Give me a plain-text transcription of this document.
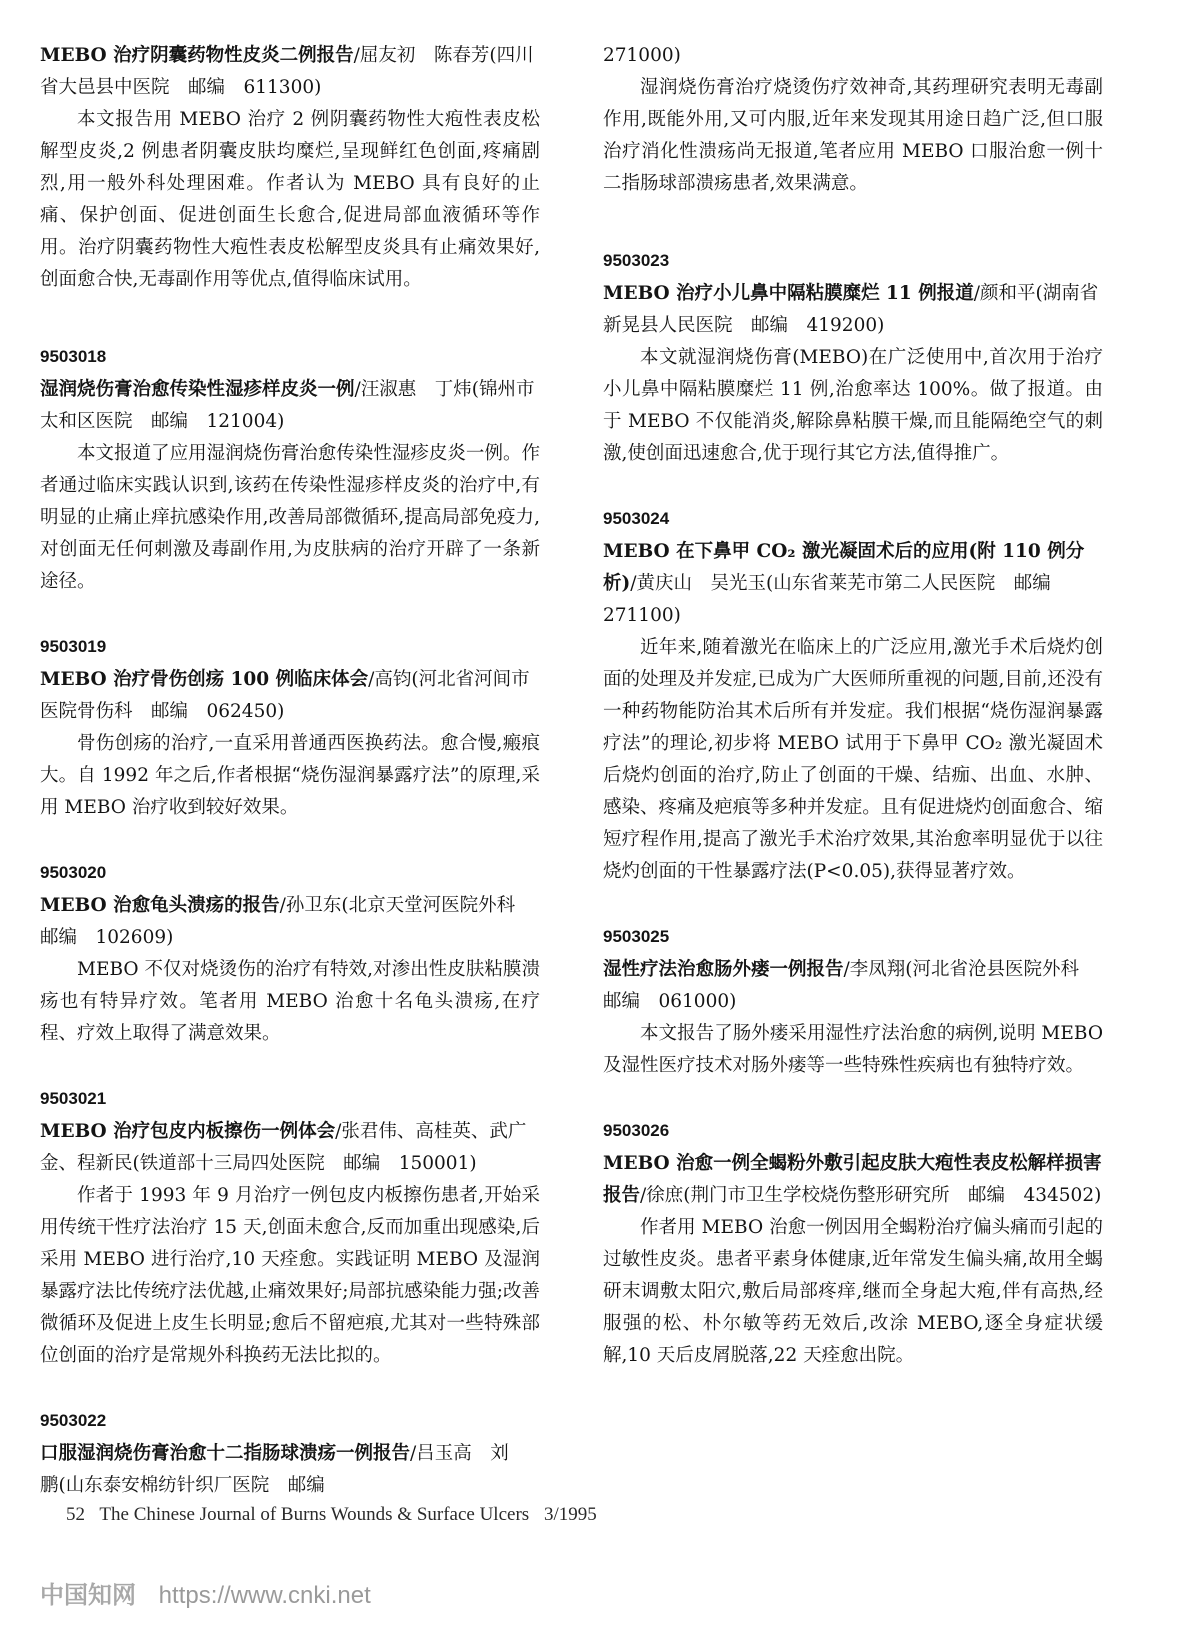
MEBO 治疗阴囊药物性皮炎二例报告/屈友初　陈春芳(四川省大邑县中医院　邮编　611300)
本文报告用 MEBO 治疗 2 例阴囊药物性大疱性表皮松解型皮炎,2 例患者阴囊皮肤均糜烂,呈现鲜红色创面,疼痛剧烈,用一般外科处理困难。作者认为 MEBO 具有良好的止痛、保护创面、促进创面生长愈合,促进局部血液循环等作用。治疗阴囊药物性大疱性表皮松解型皮炎具有止痛效果好,创面愈合快,无毒副作用等优点,值得临床试用。
9503018
湿润烧伤膏治愈传染性湿疹样皮炎一例/汪淑惠　丁炜(锦州市太和区医院　邮编　121004)
本文报道了应用湿润烧伤膏治愈传染性湿疹皮炎一例。作者通过临床实践认识到,该药在传染性湿疹样皮炎的治疗中,有明显的止痛止痒抗感染作用,改善局部微循环,提高局部免疫力,对创面无任何刺激及毒副作用,为皮肤病的治疗开辟了一条新途径。
9503019
MEBO 治疗骨伤创疡 100 例临床体会/高钧(河北省河间市医院骨伤科　邮编　062450)
骨伤创疡的治疗,一直采用普通西医换药法。愈合慢,瘢痕大。自 1992 年之后,作者根据“烧伤湿润暴露疗法”的原理,采用 MEBO 治疗收到较好效果。
9503020
MEBO 治愈龟头溃疡的报告/孙卫东(北京天堂河医院外科　邮编　102609)
MEBO 不仅对烧烫伤的治疗有特效,对渗出性皮肤粘膜溃疡也有特异疗效。笔者用 MEBO 治愈十名龟头溃疡,在疗程、疗效上取得了满意效果。
9503021
MEBO 治疗包皮内板擦伤一例体会/张君伟、高桂英、武广金、程新民(铁道部十三局四处医院　邮编　150001)
作者于 1993 年 9 月治疗一例包皮内板擦伤患者,开始采用传统干性疗法治疗 15 天,创面未愈合,反而加重出现感染,后采用 MEBO 进行治疗,10 天痊愈。实践证明 MEBO 及湿润暴露疗法比传统疗法优越,止痛效果好;局部抗感染能力强;改善微循环及促进上皮生长明显;愈后不留疤痕,尤其对一些特殊部位创面的治疗是常规外科换药无法比拟的。
9503022
口服湿润烧伤膏治愈十二指肠球溃疡一例报告/吕玉高　刘　鹏(山东泰安棉纺针织厂医院　邮编
271000)
湿润烧伤膏治疗烧烫伤疗效神奇,其药理研究表明无毒副作用,既能外用,又可内服,近年来发现其用途日趋广泛,但口服治疗消化性溃疡尚无报道,笔者应用 MEBO 口服治愈一例十二指肠球部溃疡患者,效果满意。
9503023
MEBO 治疗小儿鼻中隔粘膜糜烂 11 例报道/颜和平(湖南省新晃县人民医院　邮编　419200)
本文就湿润烧伤膏(MEBO)在广泛使用中,首次用于治疗小儿鼻中隔粘膜糜烂 11 例,治愈率达 100%。做了报道。由于 MEBO 不仅能消炎,解除鼻粘膜干燥,而且能隔绝空气的刺激,使创面迅速愈合,优于现行其它方法,值得推广。
9503024
MEBO 在下鼻甲 CO₂ 激光凝固术后的应用(附 110 例分析)/黄庆山　吴光玉(山东省莱芜市第二人民医院　邮编　271100)
近年来,随着激光在临床上的广泛应用,激光手术后烧灼创面的处理及并发症,已成为广大医师所重视的问题,目前,还没有一种药物能防治其术后所有并发症。我们根据“烧伤湿润暴露疗法”的理论,初步将 MEBO 试用于下鼻甲 CO₂ 激光凝固术后烧灼创面的治疗,防止了创面的干燥、结痂、出血、水肿、感染、疼痛及疤痕等多种并发症。且有促进烧灼创面愈合、缩短疗程作用,提高了激光手术治疗效果,其治愈率明显优于以往烧灼创面的干性暴露疗法(P<0.05),获得显著疗效。
9503025
湿性疗法治愈肠外瘘一例报告/李凤翔(河北省沧县医院外科　邮编　061000)
本文报告了肠外瘘采用湿性疗法治愈的病例,说明 MEBO 及湿性医疗技术对肠外瘘等一些特殊性疾病也有独特疗效。
9503026
MEBO 治愈一例全蝎粉外敷引起皮肤大疱性表皮松解样损害报告/徐庶(荆门市卫生学校烧伤整形研究所　邮编　434502)
作者用 MEBO 治愈一例因用全蝎粉治疗偏头痛而引起的过敏性皮炎。患者平素身体健康,近年常发生偏头痛,故用全蝎研末调敷太阳穴,敷后局部疼痒,继而全身起大疱,伴有高热,经服强的松、朴尔敏等药无效后,改涂 MEBO,逐全身症状缓解,10 天后皮屑脱落,22 天痊愈出院。
52 The Chinese Journal of Burns Wounds & Surface Ulcers 3/1995
中国知网 https://www.cnki.net
